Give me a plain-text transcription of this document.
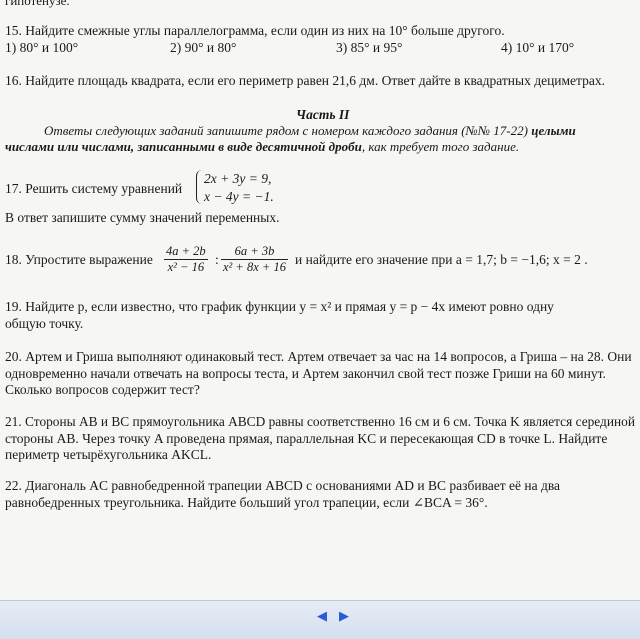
гипотенузе.
15. Найдите смежные углы параллелограмма, если один из них на 10° больше другого.
1) 80° и 100°	2) 90° и 80°	3) 85° и 95°	4) 10° и 170°
16. Найдите площадь квадрата, если его периметр равен 21,6 дм. Ответ дайте в квадратных дециметрах.
Часть II
Ответы следующих заданий запишите рядом с номером каждого задания (№№ 17-22) целыми
числами или числами, записанными в виде десятичной дроби, как требует того задание.
17. Решить систему уравнений
2x + 3y = 9,
x − 4y = −1.
В ответ запишите сумму значений переменных.
18. Упростите выражение $\frac{4a + 2b}{\text{x² − 16}}$ : $\frac{6a + 3b}{\text{x² + 8x + 16}}$ и найдите его значение при a = 1,7; b = −1,6; x = 2 .
19. Найдите p, если известно, что график функции y = x² и прямая y = p − 4x имеют ровно одну
общую точку.
20. Артем и Гриша выполняют одинаковый тест. Артем отвечает за час на 14 вопросов, а Гриша – на 28. Они
одновременно начали отвечать на вопросы теста, и Артем закончил свой тест позже Гриши на 60 минут.
Сколько вопросов содержит тест?
21. Стороны AB и BC прямоугольника ABCD равны соответственно 16 см и 6 см. Точка K является серединой
стороны AB. Через точку A проведена прямая, параллельная KC и пересекающая CD в точке L. Найдите
периметр четырёхугольника AKCL.
22. Диагональ AC равнобедренной трапеции ABCD с основаниями AD и BC разбивает её на два
равнобедренных треугольника. Найдите больший угол трапеции, если ∠BCA = 36°.
◀ ▶
